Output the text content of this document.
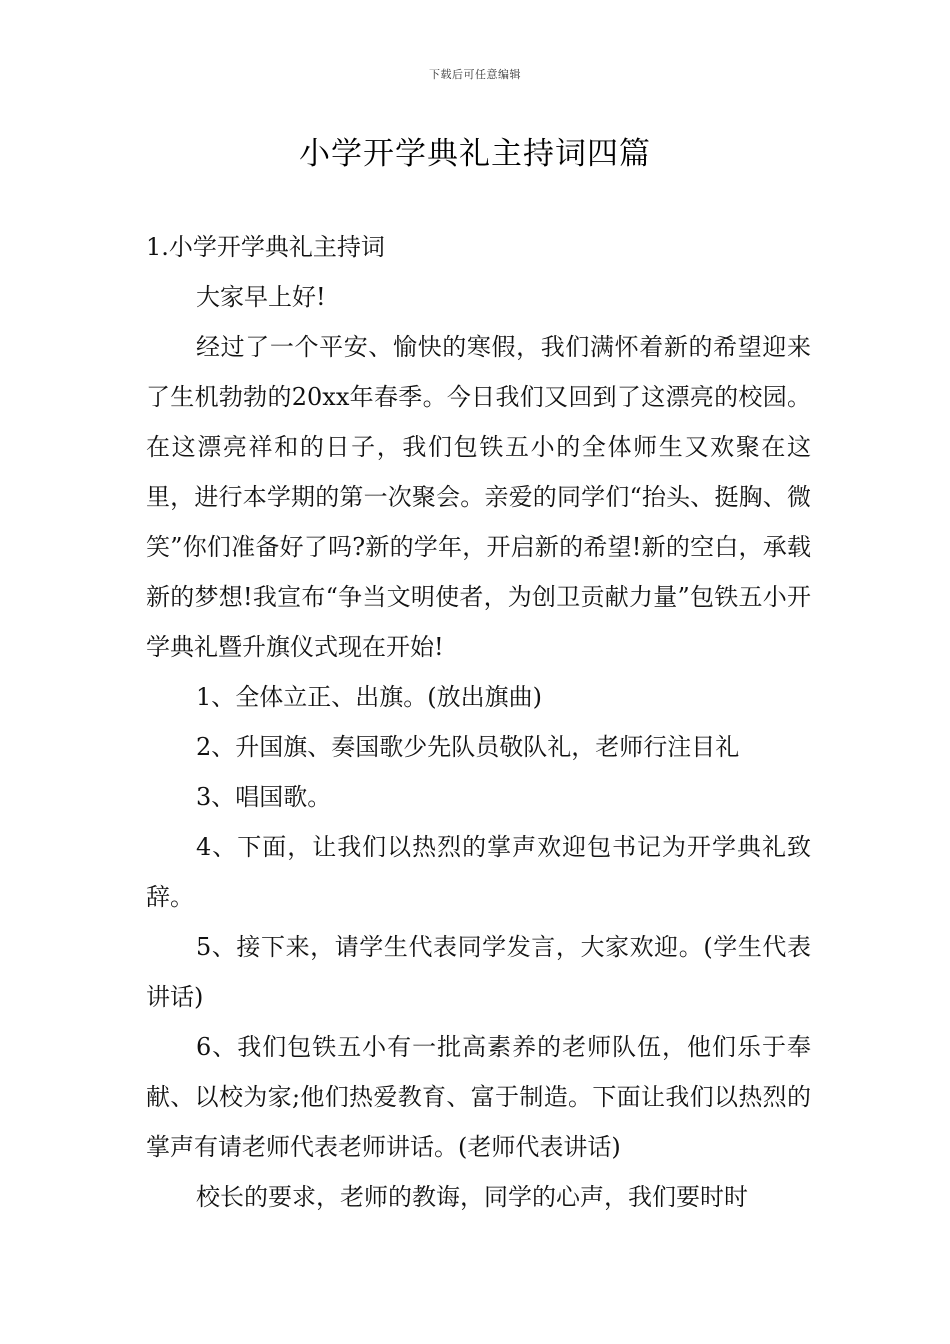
下载后可任意编辑
小学开学典礼主持词四篇

1.小学开学典礼主持词

大家早上好!

经过了一个平安、愉快的寒假，我们满怀着新的希望迎来了生机勃勃的20xx年春季。今日我们又回到了这漂亮的校园。在这漂亮祥和的日子，我们包铁五小的全体师生又欢聚在这里，进行本学期的第一次聚会。亲爱的同学们“抬头、挺胸、微笑”你们准备好了吗?新的学年，开启新的希望!新的空白，承载新的梦想!我宣布“争当文明使者，为创卫贡献力量”包铁五小开学典礼暨升旗仪式现在开始!

1、全体立正、出旗。(放出旗曲)

2、升国旗、奏国歌少先队员敬队礼，老师行注目礼

3、唱国歌。

4、下面，让我们以热烈的掌声欢迎包书记为开学典礼致辞。

5、接下来，请学生代表同学发言，大家欢迎。(学生代表讲话)

6、我们包铁五小有一批高素养的老师队伍，他们乐于奉献、以校为家;他们热爱教育、富于制造。下面让我们以热烈的掌声有请老师代表老师讲话。(老师代表讲话)

校长的要求，老师的教诲，同学的心声，我们要时时
